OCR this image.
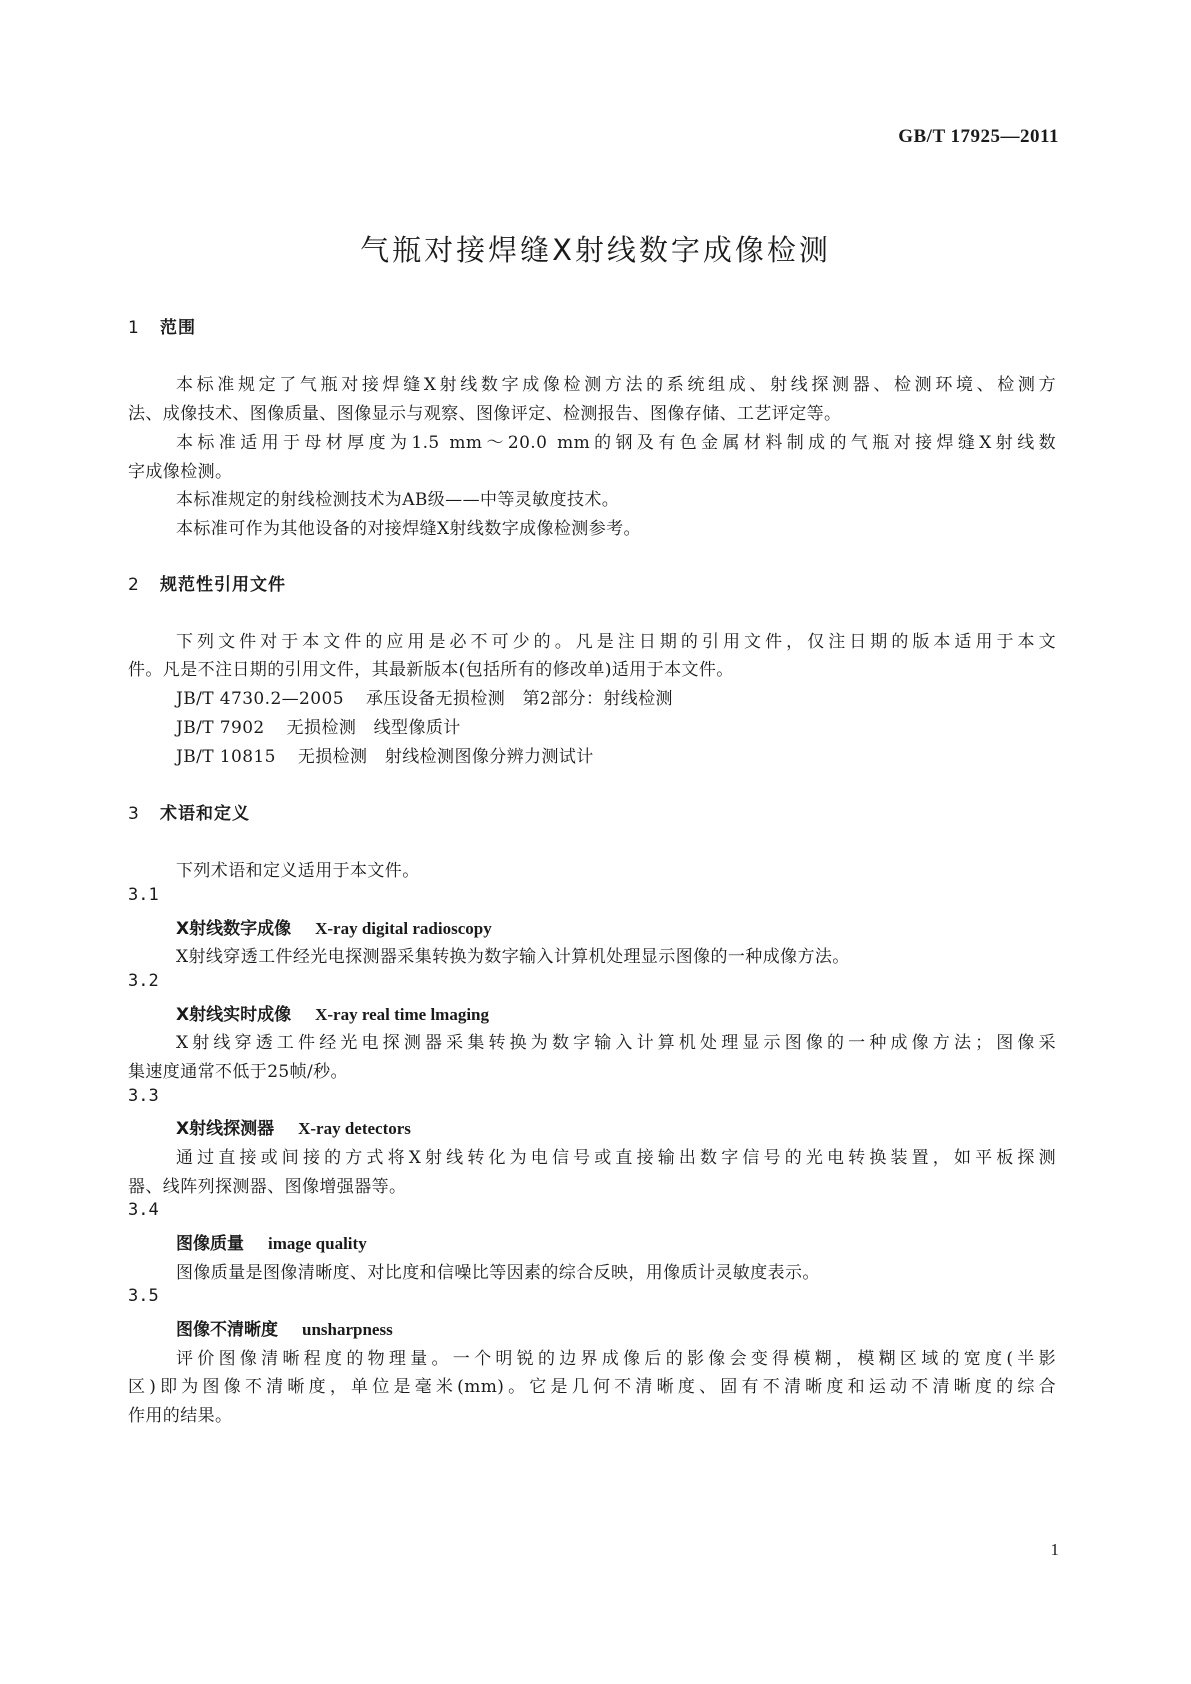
GB/T 17925—2011
气瓶对接焊缝X射线数字成像检测
1 范围
本标准规定了气瓶对接焊缝X射线数字成像检测方法的系统组成、射线探测器、检测环境、检测方
法、成像技术、图像质量、图像显示与观察、图像评定、检测报告、图像存储、工艺评定等。
本标准适用于母材厚度为1.5 mm～20.0 mm的钢及有色金属材料制成的气瓶对接焊缝X射线数
字成像检测。
本标准规定的射线检测技术为AB级——中等灵敏度技术。
本标准可作为其他设备的对接焊缝X射线数字成像检测参考。
2 规范性引用文件
下列文件对于本文件的应用是必不可少的。凡是注日期的引用文件，仅注日期的版本适用于本文
件。凡是不注日期的引用文件，其最新版本(包括所有的修改单)适用于本文件。
JB/T 4730.2—2005 承压设备无损检测　第2部分：射线检测
JB/T 7902 无损检测　线型像质计
JB/T 10815 无损检测　射线检测图像分辨力测试计
3 术语和定义
下列术语和定义适用于本文件。
3.1
X射线数字成像 X-ray digital radioscopy
X射线穿透工件经光电探测器采集转换为数字输入计算机处理显示图像的一种成像方法。
3.2
X射线实时成像 X-ray real time lmaging
X射线穿透工件经光电探测器采集转换为数字输入计算机处理显示图像的一种成像方法；图像采
集速度通常不低于25帧/秒。
3.3
X射线探测器 X-ray detectors
通过直接或间接的方式将X射线转化为电信号或直接输出数字信号的光电转换装置，如平板探测
器、线阵列探测器、图像增强器等。
3.4
图像质量 image quality
图像质量是图像清晰度、对比度和信噪比等因素的综合反映，用像质计灵敏度表示。
3.5
图像不清晰度 unsharpness
评价图像清晰程度的物理量。一个明锐的边界成像后的影像会变得模糊，模糊区域的宽度(半影
区)即为图像不清晰度，单位是毫米(mm)。它是几何不清晰度、固有不清晰度和运动不清晰度的综合
作用的结果。
1
